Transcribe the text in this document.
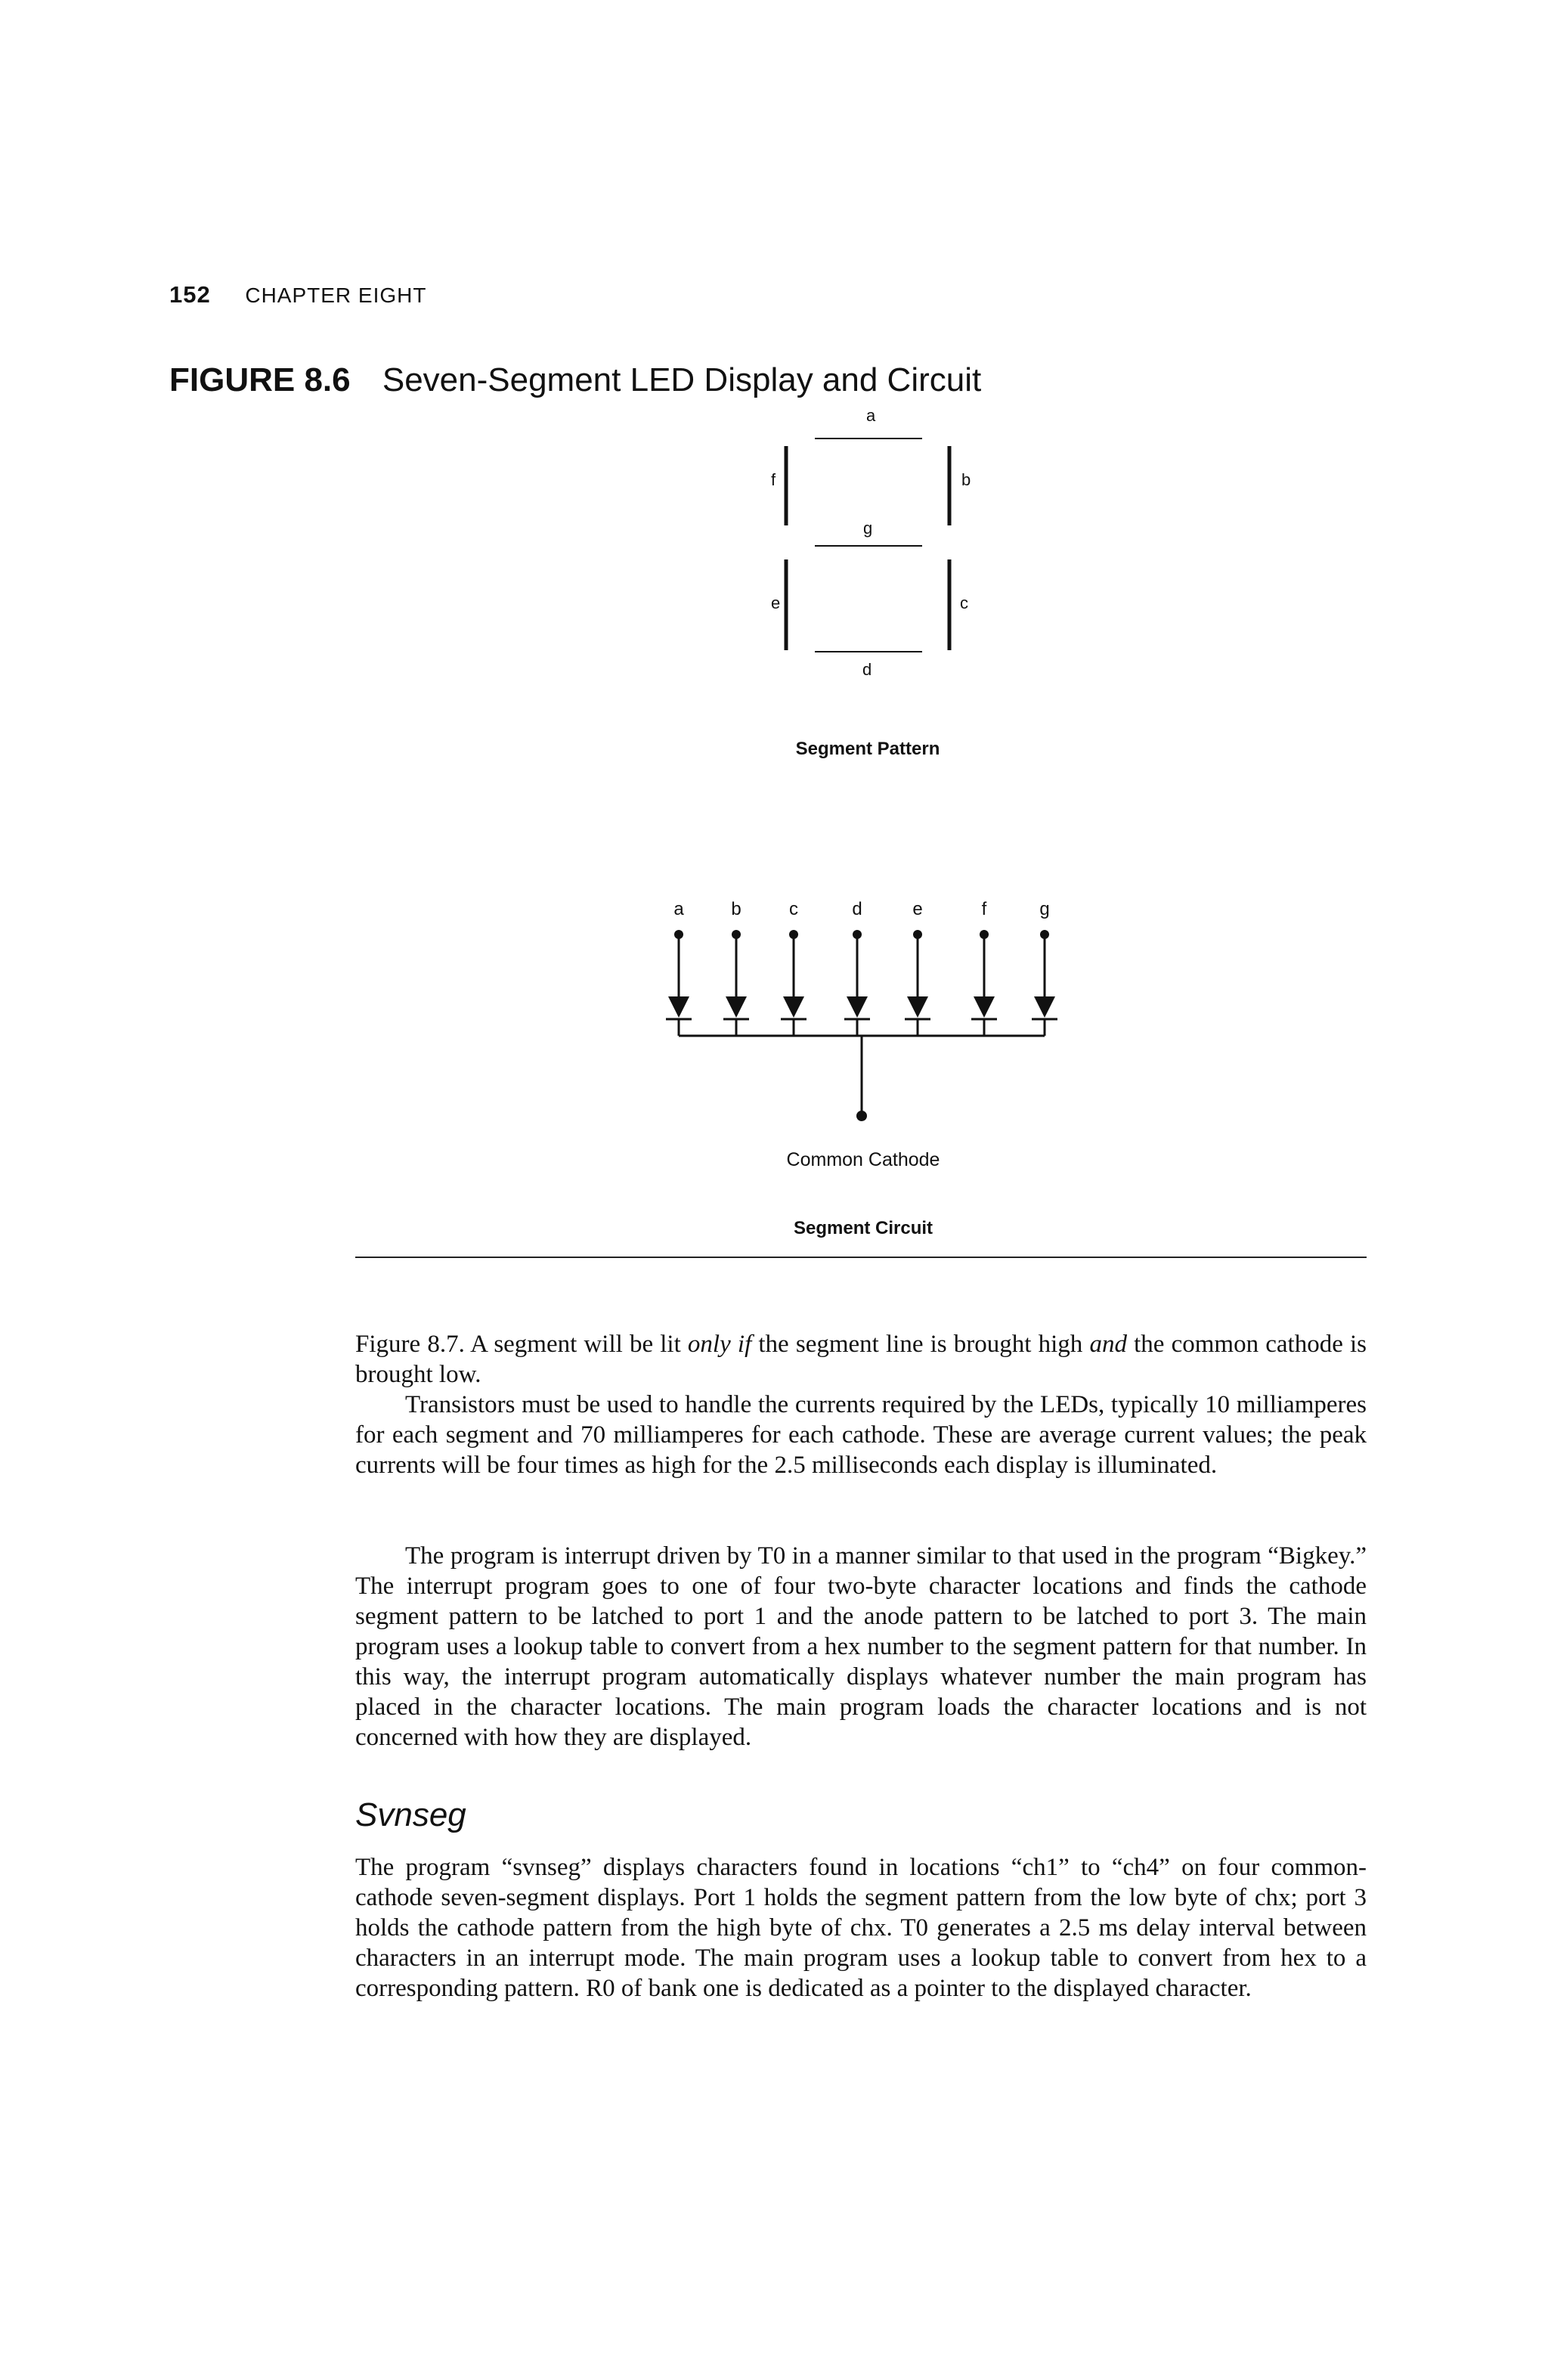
152 CHAPTER EIGHT
FIGURE 8.6 Seven-Segment LED Display and Circuit
a
b
c
d
e
f
g
Segment Pattern
a	b	c	d	e	f	g
Common Cathode
Segment Circuit

Figure 8.7. A segment will be lit only if the segment line is brought high and the common cathode is brought low.

Transistors must be used to handle the currents required by the LEDs, typically 10 milliamperes for each segment and 70 milliamperes for each cathode. These are average current values; the peak currents will be four times as high for the 2.5 milliseconds each display is illuminated.

The program is interrupt driven by T0 in a manner similar to that used in the program “Bigkey.” The interrupt program goes to one of four two-byte character locations and finds the cathode segment pattern to be latched to port 1 and the anode pattern to be latched to port 3. The main program uses a lookup table to convert from a hex number to the segment pattern for that number. In this way, the interrupt program automatically displays whatever number the main program has placed in the character locations. The main program loads the character locations and is not concerned with how they are displayed.

Svnseg

The program “svnseg” displays characters found in locations “ch1” to “ch4” on four common-cathode seven-segment displays. Port 1 holds the segment pattern from the low byte of chx; port 3 holds the cathode pattern from the high byte of chx. T0 generates a 2.5 ms delay interval between characters in an interrupt mode. The main program uses a lookup table to convert from hex to a corresponding pattern. R0 of bank one is dedicated as a pointer to the displayed character.
